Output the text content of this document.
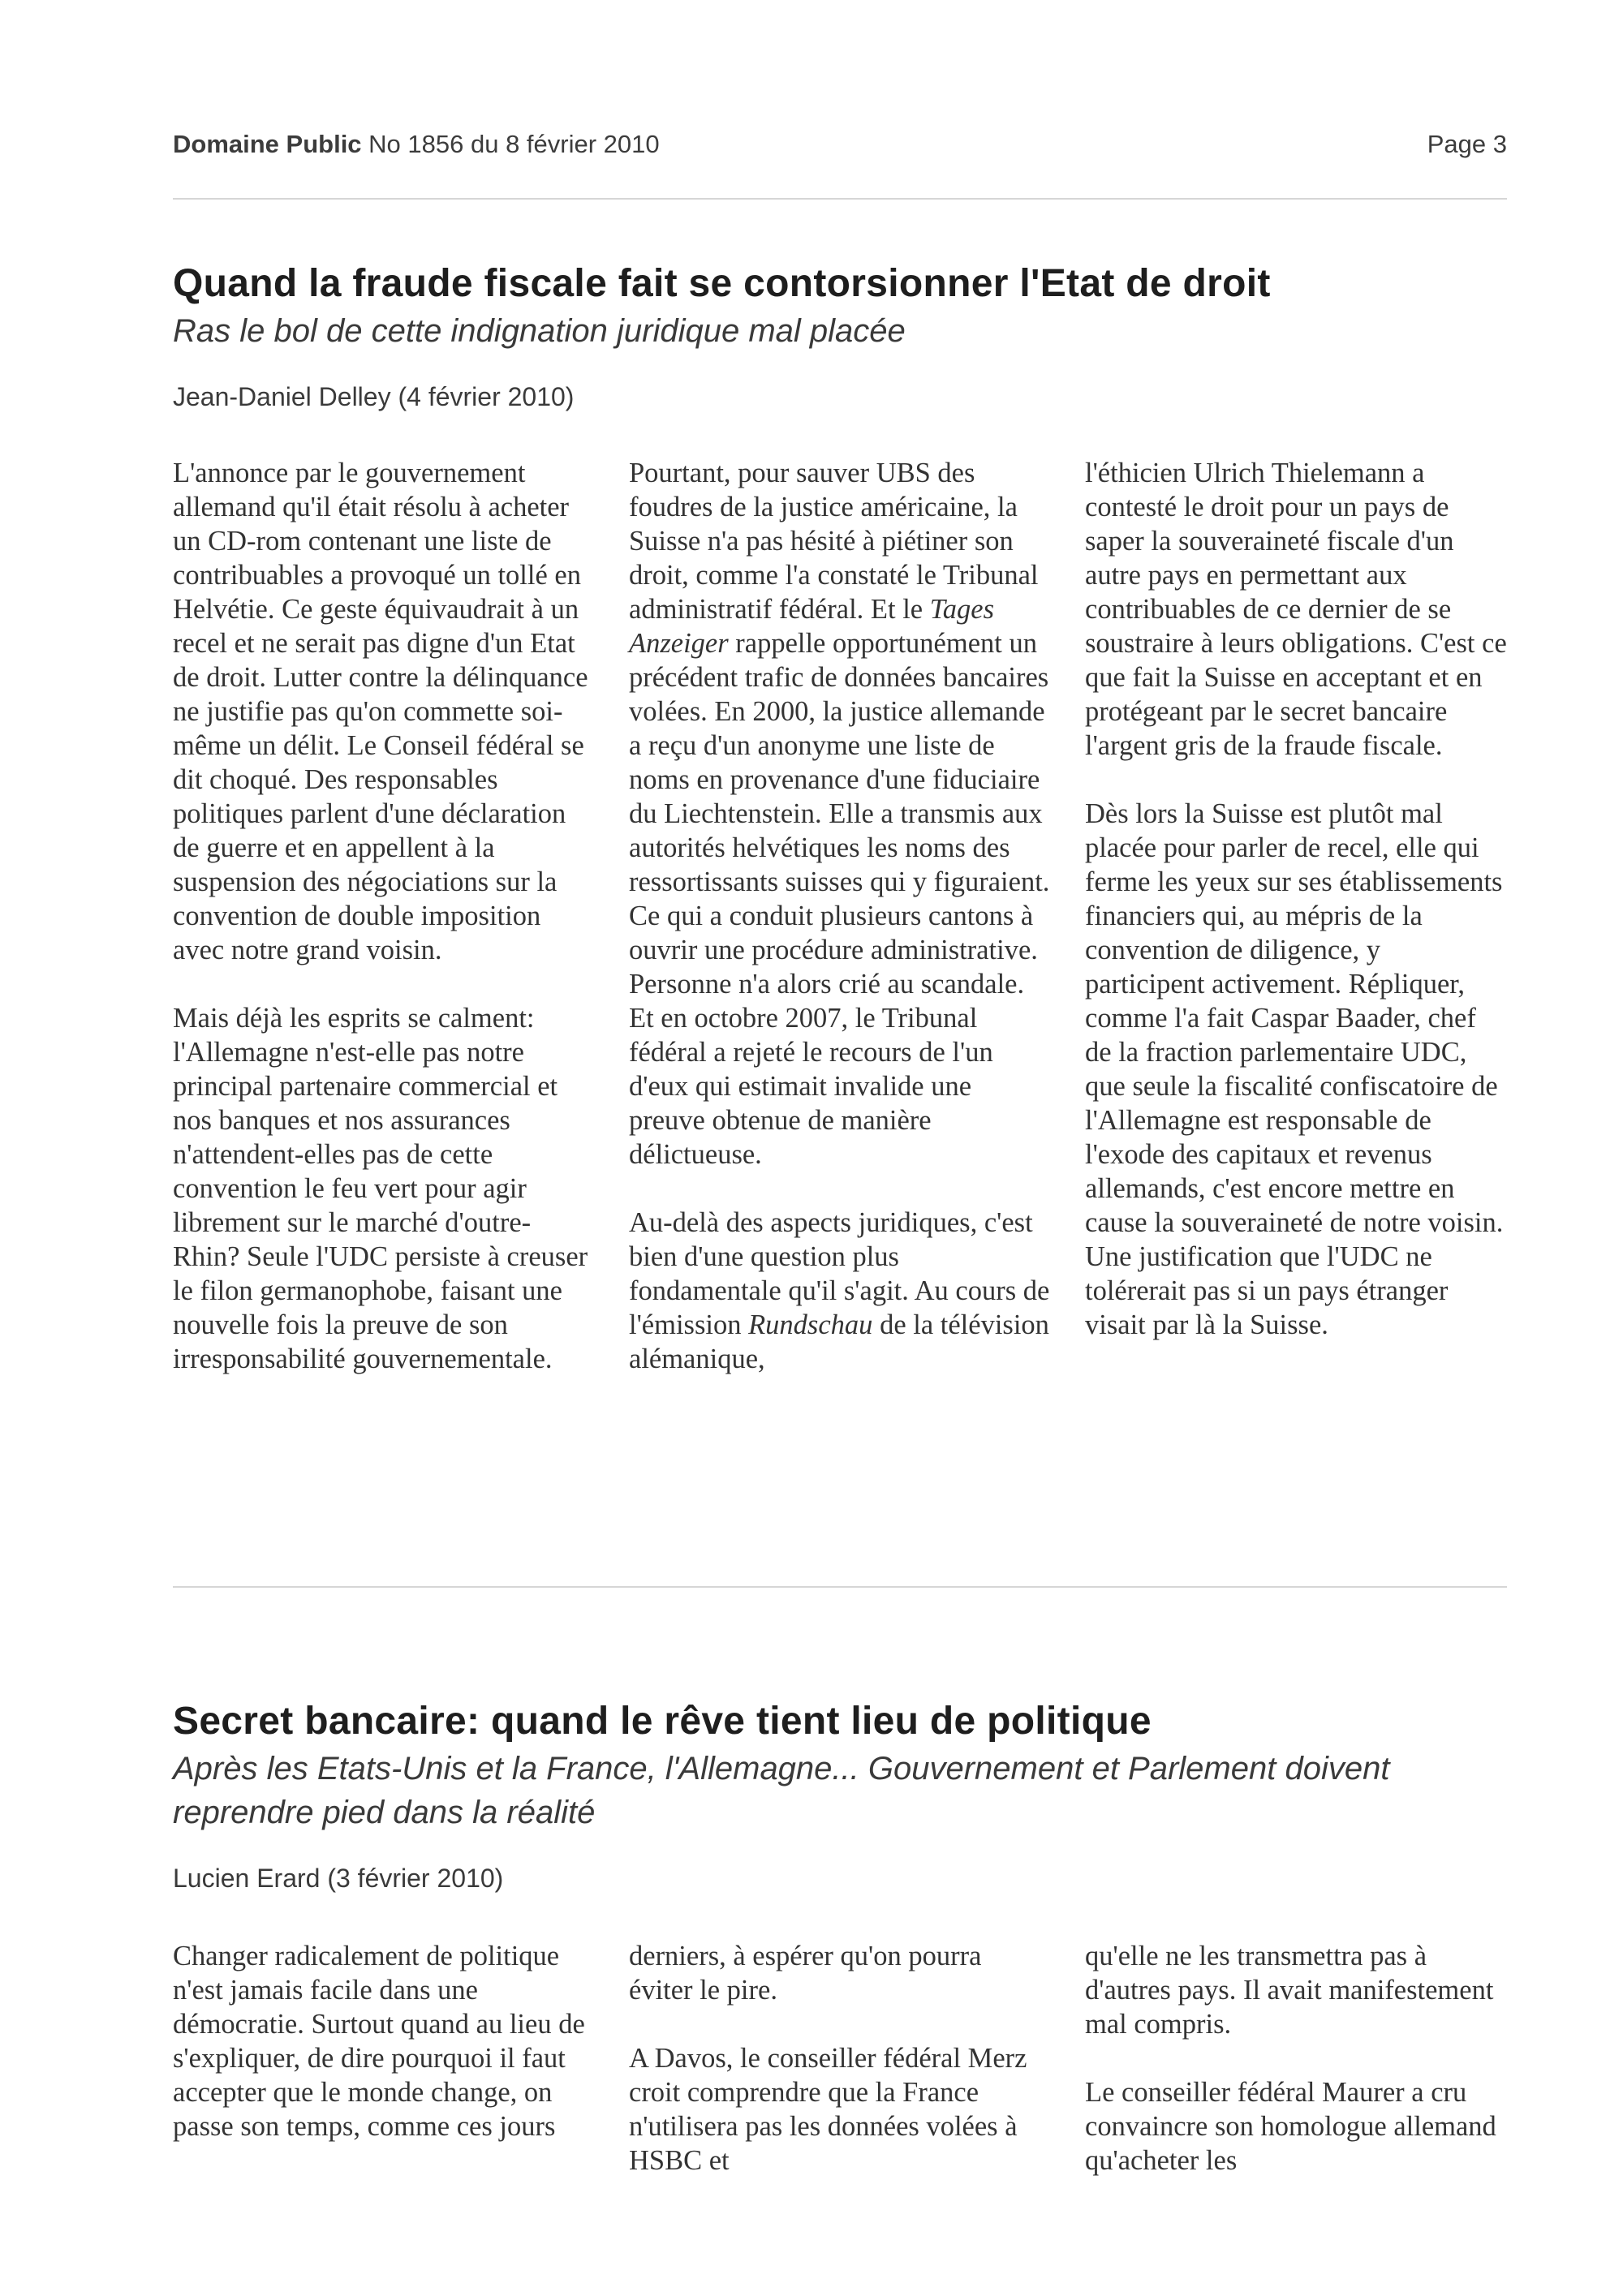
Domaine Public No 1856 du 8 février 2010	Page 3
Quand la fraude fiscale fait se contorsionner l'Etat de droit
Ras le bol de cette indignation juridique mal placée
Jean-Daniel Delley (4 février 2010)

L'annonce par le gouvernement allemand qu'il était résolu à acheter un CD-rom contenant une liste de contribuables a provoqué un tollé en Helvétie. Ce geste équivaudrait à un recel et ne serait pas digne d'un Etat de droit. Lutter contre la délinquance ne justifie pas qu'on commette soi-même un délit. Le Conseil fédéral se dit choqué. Des responsables politiques parlent d'une déclaration de guerre et en appellent à la suspension des négociations sur la convention de double imposition avec notre grand voisin.

Mais déjà les esprits se calment: l'Allemagne n'est-elle pas notre principal partenaire commercial et nos banques et nos assurances n'attendent-elles pas de cette convention le feu vert pour agir librement sur le marché d'outre-Rhin? Seule l'UDC persiste à creuser le filon germanophobe, faisant une nouvelle fois la preuve de son irresponsabilité gouvernementale.

Pourtant, pour sauver UBS des foudres de la justice américaine, la Suisse n'a pas hésité à piétiner son droit, comme l'a constaté le Tribunal administratif fédéral. Et le Tages Anzeiger rappelle opportunément un précédent trafic de données bancaires volées. En 2000, la justice allemande a reçu d'un anonyme une liste de noms en provenance d'une fiduciaire du Liechtenstein. Elle a transmis aux autorités helvétiques les noms des ressortissants suisses qui y figuraient. Ce qui a conduit plusieurs cantons à ouvrir une procédure administrative. Personne n'a alors crié au scandale. Et en octobre 2007, le Tribunal fédéral a rejeté le recours de l'un d'eux qui estimait invalide une preuve obtenue de manière délictueuse.

Au-delà des aspects juridiques, c'est bien d'une question plus fondamentale qu'il s'agit. Au cours de l'émission Rundschau de la télévision alémanique,

l'éthicien Ulrich Thielemann a contesté le droit pour un pays de saper la souveraineté fiscale d'un autre pays en permettant aux contribuables de ce dernier de se soustraire à leurs obligations. C'est ce que fait la Suisse en acceptant et en protégeant par le secret bancaire l'argent gris de la fraude fiscale.

Dès lors la Suisse est plutôt mal placée pour parler de recel, elle qui ferme les yeux sur ses établissements financiers qui, au mépris de la convention de diligence, y participent activement. Répliquer, comme l'a fait Caspar Baader, chef de la fraction parlementaire UDC, que seule la fiscalité confiscatoire de l'Allemagne est responsable de l'exode des capitaux et revenus allemands, c'est encore mettre en cause la souveraineté de notre voisin. Une justification que l'UDC ne tolérerait pas si un pays étranger visait par là la Suisse.

Secret bancaire: quand le rêve tient lieu de politique
Après les Etats-Unis et la France, l'Allemagne... Gouvernement et Parlement doivent reprendre pied dans la réalité
Lucien Erard (3 février 2010)

Changer radicalement de politique n'est jamais facile dans une démocratie. Surtout quand au lieu de s'expliquer, de dire pourquoi il faut accepter que le monde change, on passe son temps, comme ces jours

derniers, à espérer qu'on pourra éviter le pire.

A Davos, le conseiller fédéral Merz croit comprendre que la France n'utilisera pas les données volées à HSBC et

qu'elle ne les transmettra pas à d'autres pays. Il avait manifestement mal compris.

Le conseiller fédéral Maurer a cru convaincre son homologue allemand qu'acheter les
